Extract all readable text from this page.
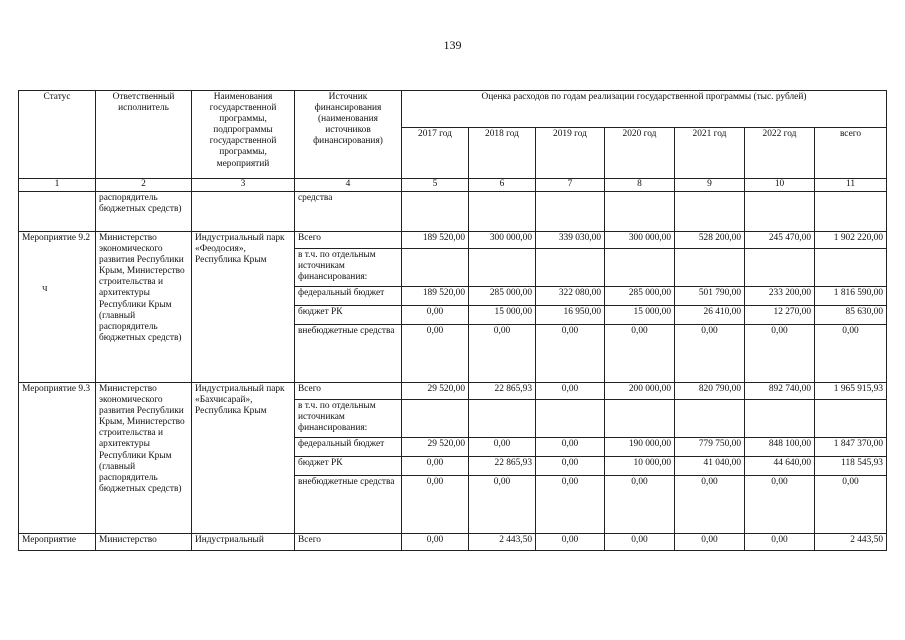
139
Статус	Ответственный исполнитель	Наименования государственной программы, подпрограммы государственной программы, мероприятий	Источник финансирования (наименования источников финансирования)	Оценка расходов по годам реализации государственной программы (тыс. рублей)						
				2017 год	2018 год	2019 год	2020 год	2021 год	2022 год	всего
1	2	3	4	5	6	7	8	9	10	11
	распорядитель бюджетных средств)		средства							
Мероприятие 9.2	Министерство экономического развития Республики Крым, Министерство строительства и архитектуры Республики Крым (главный распорядитель бюджетных средств)	Индустриальный парк «Феодосия», Республика Крым	Всего	189 520,00	300 000,00	339 030,00	300 000,00	528 200,00	245 470,00	1 902 220,00
			в т.ч. по отдельным источникам финансирования:							
			федеральный бюджет	189 520,00	285 000,00	322 080,00	285 000,00	501 790,00	233 200,00	1 816 590,00
			бюджет РК	0,00	15 000,00	16 950,00	15 000,00	26 410,00	12 270,00	85 630,00
			внебюджетные средства	0,00	0,00	0,00	0,00	0,00	0,00	0,00
Мероприятие 9.3	Министерство экономического развития Республики Крым, Министерство строительства и архитектуры Республики Крым (главный распорядитель бюджетных средств)	Индустриальный парк «Бахчисарай», Республика Крым	Всего	29 520,00	22 865,93	0,00	200 000,00	820 790,00	892 740,00	1 965 915,93
			в т.ч. по отдельным источникам финансирования:							
			федеральный бюджет	29 520,00	0,00	0,00	190 000,00	779 750,00	848 100,00	1 847 370,00
			бюджет РК	0,00	22 865,93	0,00	10 000,00	41 040,00	44 640,00	118 545,93
			внебюджетные средства	0,00	0,00	0,00	0,00	0,00	0,00	0,00
Мероприятие	Министерство	Индустриальный	Всего	0,00	2 443,50	0,00	0,00	0,00	0,00	2 443,50
ч
